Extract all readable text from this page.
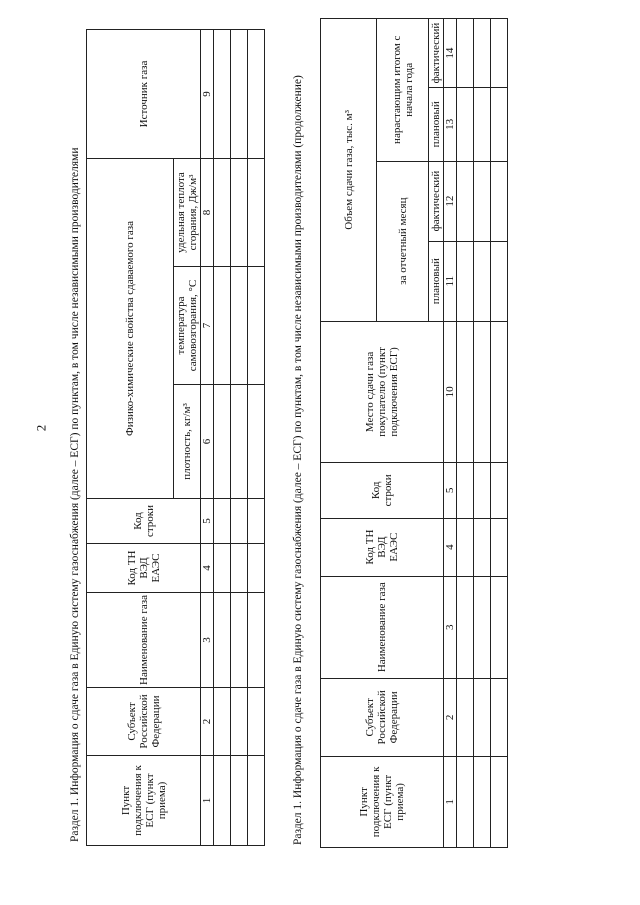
2 Раздел 1. Информация о сдаче газа в Единую систему газоснабжения (далее – ЕСГ) по пунктам, в том числе независимыми производителями	Пункт подключения к ЕСГ (пункт приема)	Субъект Российской Федерации	Наименование газа	Код ТН ВЭД ЕАЭС	Код строки	Физико-химические свойства сдаваемого газа			Источник газа
					плотность, кг/м³	температура самовозгорания, °С	удельная теплота сгорания, Дж/м³	
1	2	3	4	5	6	7	8	9

									Раздел 1. Информация о сдаче газа в Единую систему газоснабжения (далее – ЕСГ) по пунктам, в том числе независимыми производителями (продолжение)	Пункт подключения к ЕСГ (пункт приема)	Субъект Российской Федерации	Наименование газа	Код ТН ВЭД ЕАЭС	Код строки	Место сдачи газа покупателю (пункт подключения ЕСГ)	Объем сдачи газа, тыс. м³			
						за отчетный месяц		нарастающим итогом с начала года	
						плановый	фактический	плановый	фактический
1	2	3	4	5	10	11	12	13	14
